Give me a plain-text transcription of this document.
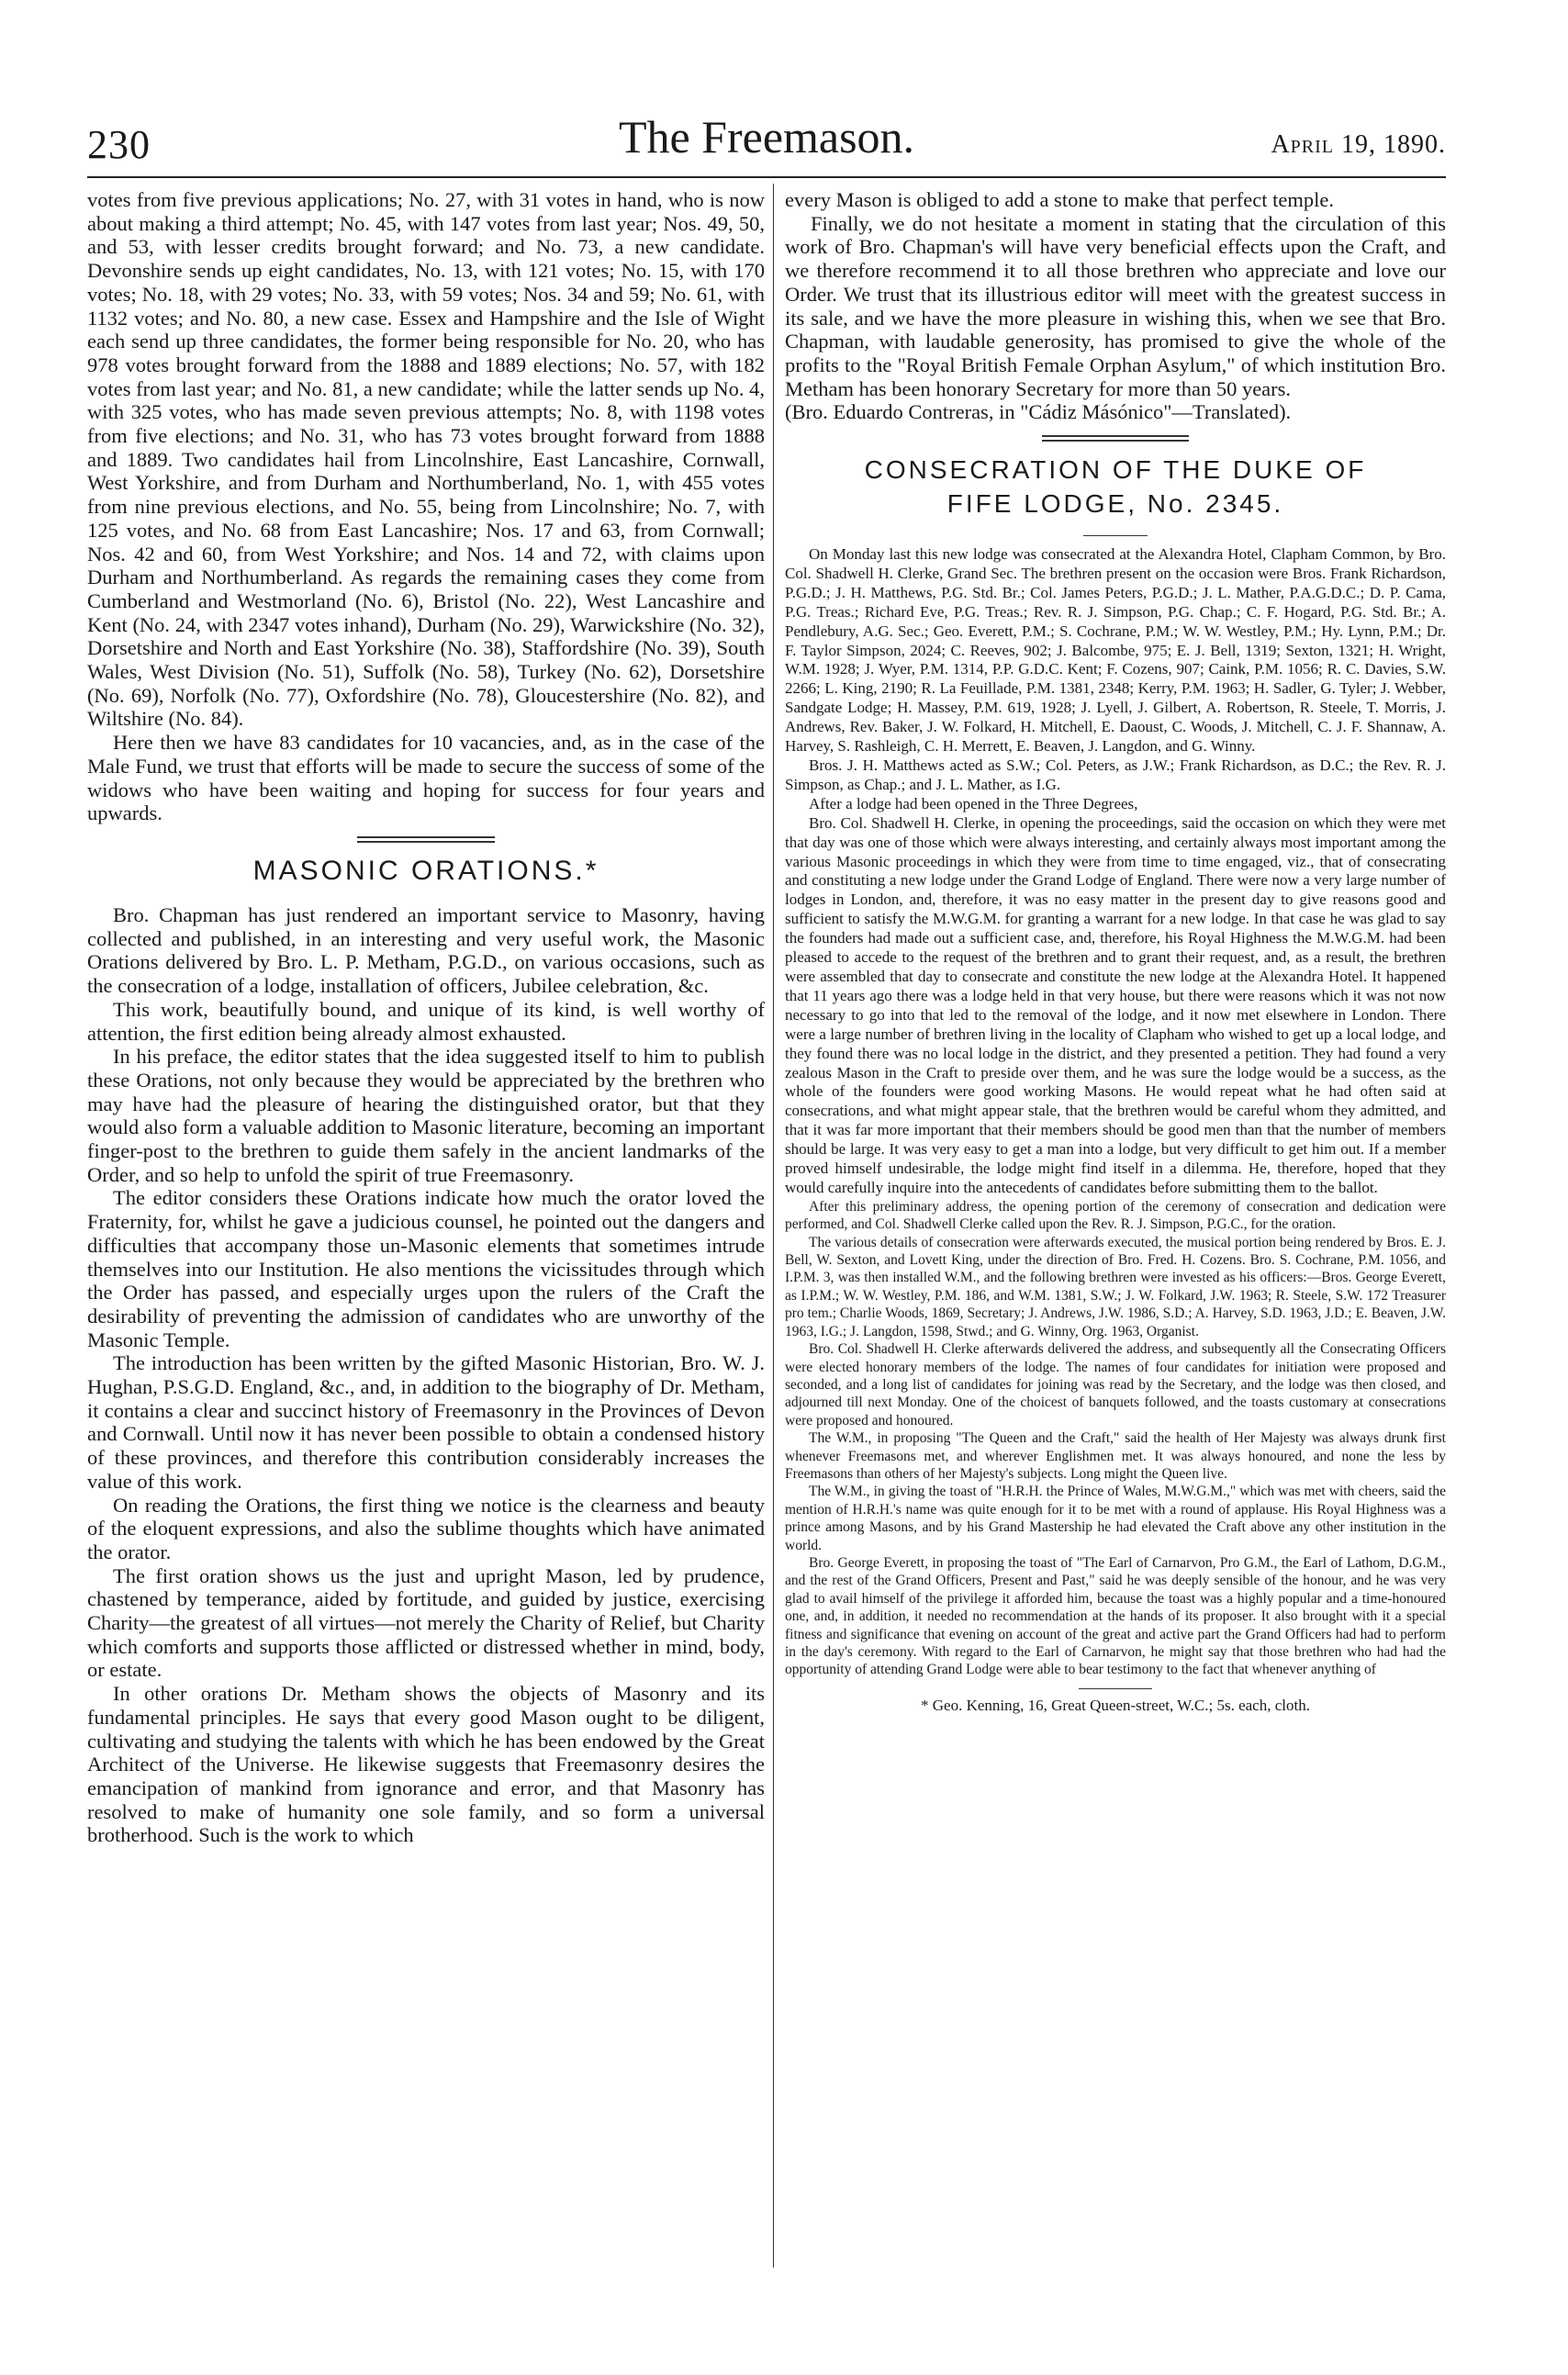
230	The Freemason.	April 19, 1890.

votes from five previous applications; No. 27, with 31 votes in hand, who is now about making a third attempt; No. 45, with 147 votes from last year; Nos. 49, 50, and 53, with lesser credits brought forward; and No. 73, a new candidate. Devonshire sends up eight candidates, No. 13, with 121 votes; No. 15, with 170 votes; No. 18, with 29 votes; No. 33, with 59 votes; Nos. 34 and 59; No. 61, with 1132 votes; and No. 80, a new case. Essex and Hampshire and the Isle of Wight each send up three candidates, the former being responsible for No. 20, who has 978 votes brought forward from the 1888 and 1889 elections; No. 57, with 182 votes from last year; and No. 81, a new candidate; while the latter sends up No. 4, with 325 votes, who has made seven previous attempts; No. 8, with 1198 votes from five elections; and No. 31, who has 73 votes brought forward from 1888 and 1889. Two candidates hail from Lincolnshire, East Lancashire, Cornwall, West Yorkshire, and from Durham and Northumberland, No. 1, with 455 votes from nine previous elections, and No. 55, being from Lincolnshire; No. 7, with 125 votes, and No. 68 from East Lancashire; Nos. 17 and 63, from Cornwall; Nos. 42 and 60, from West Yorkshire; and Nos. 14 and 72, with claims upon Durham and Northumberland. As regards the remaining cases they come from Cumberland and Westmorland (No. 6), Bristol (No. 22), West Lancashire and Kent (No. 24, with 2347 votes inhand), Durham (No. 29), Warwickshire (No. 32), Dorsetshire and North and East Yorkshire (No. 38), Staffordshire (No. 39), South Wales, West Division (No. 51), Suffolk (No. 58), Turkey (No. 62), Dorsetshire (No. 69), Norfolk (No. 77), Oxfordshire (No. 78), Gloucestershire (No. 82), and Wiltshire (No. 84).

Here then we have 83 candidates for 10 vacancies, and, as in the case of the Male Fund, we trust that efforts will be made to secure the success of some of the widows who have been waiting and hoping for success for four years and upwards.

MASONIC ORATIONS.*

Bro. Chapman has just rendered an important service to Masonry, having collected and published, in an interesting and very useful work, the Masonic Orations delivered by Bro. L. P. Metham, P.G.D., on various occasions, such as the consecration of a lodge, installation of officers, Jubilee celebration, &c.

This work, beautifully bound, and unique of its kind, is well worthy of attention, the first edition being already almost exhausted.

In his preface, the editor states that the idea suggested itself to him to publish these Orations, not only because they would be appreciated by the brethren who may have had the pleasure of hearing the distinguished orator, but that they would also form a valuable addition to Masonic literature, becoming an important finger-post to the brethren to guide them safely in the ancient landmarks of the Order, and so help to unfold the spirit of true Freemasonry.

The editor considers these Orations indicate how much the orator loved the Fraternity, for, whilst he gave a judicious counsel, he pointed out the dangers and difficulties that accompany those un-Masonic elements that sometimes intrude themselves into our Institution. He also mentions the vicissitudes through which the Order has passed, and especially urges upon the rulers of the Craft the desirability of preventing the admission of candidates who are unworthy of the Masonic Temple.

The introduction has been written by the gifted Masonic Historian, Bro. W. J. Hughan, P.S.G.D. England, &c., and, in addition to the biography of Dr. Metham, it contains a clear and succinct history of Freemasonry in the Provinces of Devon and Cornwall. Until now it has never been possible to obtain a condensed history of these provinces, and therefore this contribution considerably increases the value of this work.

On reading the Orations, the first thing we notice is the clearness and beauty of the eloquent expressions, and also the sublime thoughts which have animated the orator.

The first oration shows us the just and upright Mason, led by prudence, chastened by temperance, aided by fortitude, and guided by justice, exercising Charity—the greatest of all virtues—not merely the Charity of Relief, but Charity which comforts and supports those afflicted or distressed whether in mind, body, or estate.

In other orations Dr. Metham shows the objects of Masonry and its fundamental principles. He says that every good Mason ought to be diligent, cultivating and studying the talents with which he has been endowed by the Great Architect of the Universe. He likewise suggests that Freemasonry desires the emancipation of mankind from ignorance and error, and that Masonry has resolved to make of humanity one sole family, and so form a universal brotherhood. Such is the work to which

every Mason is obliged to add a stone to make that perfect temple.

Finally, we do not hesitate a moment in stating that the circulation of this work of Bro. Chapman's will have very beneficial effects upon the Craft, and we therefore recommend it to all those brethren who appreciate and love our Order. We trust that its illustrious editor will meet with the greatest success in its sale, and we have the more pleasure in wishing this, when we see that Bro. Chapman, with laudable generosity, has promised to give the whole of the profits to the "Royal British Female Orphan Asylum," of which institution Bro. Metham has been honorary Secretary for more than 50 years.

(Bro. Eduardo Contreras, in "Cádiz Másónico"—Translated).

CONSECRATION OF THE DUKE OF
FIFE LODGE, No. 2345.

On Monday last this new lodge was consecrated at the Alexandra Hotel, Clapham Common, by Bro. Col. Shadwell H. Clerke, Grand Sec. The brethren present on the occasion were Bros. Frank Richardson, P.G.D.; J. H. Matthews, P.G. Std. Br.; Col. James Peters, P.G.D.; J. L. Mather, P.A.G.D.C.; D. P. Cama, P.G. Treas.; Richard Eve, P.G. Treas.; Rev. R. J. Simpson, P.G. Chap.; C. F. Hogard, P.G. Std. Br.; A. Pendlebury, A.G. Sec.; Geo. Everett, P.M.; S. Cochrane, P.M.; W. W. Westley, P.M.; Hy. Lynn, P.M.; Dr. F. Taylor Simpson, 2024; C. Reeves, 902; J. Balcombe, 975; E. J. Bell, 1319; Sexton, 1321; H. Wright, W.M. 1928; J. Wyer, P.M. 1314, P.P. G.D.C. Kent; F. Cozens, 907; Caink, P.M. 1056; R. C. Davies, S.W. 2266; L. King, 2190; R. La Feuillade, P.M. 1381, 2348; Kerry, P.M. 1963; H. Sadler, G. Tyler; J. Webber, Sandgate Lodge; H. Massey, P.M. 619, 1928; J. Lyell, J. Gilbert, A. Robertson, R. Steele, T. Morris, J. Andrews, Rev. Baker, J. W. Folkard, H. Mitchell, E. Daoust, C. Woods, J. Mitchell, C. J. F. Shannaw, A. Harvey, S. Rashleigh, C. H. Merrett, E. Beaven, J. Langdon, and G. Winny.

Bros. J. H. Matthews acted as S.W.; Col. Peters, as J.W.; Frank Richardson, as D.C.; the Rev. R. J. Simpson, as Chap.; and J. L. Mather, as I.G.

After a lodge had been opened in the Three Degrees,

Bro. Col. Shadwell H. Clerke, in opening the proceedings, said the occasion on which they were met that day was one of those which were always interesting, and certainly always most important among the various Masonic proceedings in which they were from time to time engaged, viz., that of consecrating and constituting a new lodge under the Grand Lodge of England. There were now a very large number of lodges in London, and, therefore, it was no easy matter in the present day to give reasons good and sufficient to satisfy the M.W.G.M. for granting a warrant for a new lodge. In that case he was glad to say the founders had made out a sufficient case, and, therefore, his Royal Highness the M.W.G.M. had been pleased to accede to the request of the brethren and to grant their request, and, as a result, the brethren were assembled that day to consecrate and constitute the new lodge at the Alexandra Hotel. It happened that 11 years ago there was a lodge held in that very house, but there were reasons which it was not now necessary to go into that led to the removal of the lodge, and it now met elsewhere in London. There were a large number of brethren living in the locality of Clapham who wished to get up a local lodge, and they found there was no local lodge in the district, and they presented a petition. They had found a very zealous Mason in the Craft to preside over them, and he was sure the lodge would be a success, as the whole of the founders were good working Masons. He would repeat what he had often said at consecrations, and what might appear stale, that the brethren would be careful whom they admitted, and that it was far more important that their members should be good men than that the number of members should be large. It was very easy to get a man into a lodge, but very difficult to get him out. If a member proved himself undesirable, the lodge might find itself in a dilemma. He, therefore, hoped that they would carefully inquire into the antecedents of candidates before submitting them to the ballot.

After this preliminary address, the opening portion of the ceremony of consecration and dedication were performed, and Col. Shadwell Clerke called upon the Rev. R. J. Simpson, P.G.C., for the oration.

The various details of consecration were afterwards executed, the musical portion being rendered by Bros. E. J. Bell, W. Sexton, and Lovett King, under the direction of Bro. Fred. H. Cozens. Bro. S. Cochrane, P.M. 1056, and I.P.M. 3, was then installed W.M., and the following brethren were invested as his officers:—Bros. George Everett, as I.P.M.; W. W. Westley, P.M. 186, and W.M. 1381, S.W.; J. W. Folkard, J.W. 1963; R. Steele, S.W. 172 Treasurer pro tem.; Charlie Woods, 1869, Secretary; J. Andrews, J.W. 1986, S.D.; A. Harvey, S.D. 1963, J.D.; E. Beaven, J.W. 1963, I.G.; J. Langdon, 1598, Stwd.; and G. Winny, Org. 1963, Organist.

Bro. Col. Shadwell H. Clerke afterwards delivered the address, and subsequently all the Consecrating Officers were elected honorary members of the lodge. The names of four candidates for initiation were proposed and seconded, and a long list of candidates for joining was read by the Secretary, and the lodge was then closed, and adjourned till next Monday. One of the choicest of banquets followed, and the toasts customary at consecrations were proposed and honoured.

The W.M., in proposing "The Queen and the Craft," said the health of Her Majesty was always drunk first whenever Freemasons met, and wherever Englishmen met. It was always honoured, and none the less by Freemasons than others of her Majesty's subjects. Long might the Queen live.

The W.M., in giving the toast of "H.R.H. the Prince of Wales, M.W.G.M.," which was met with cheers, said the mention of H.R.H.'s name was quite enough for it to be met with a round of applause. His Royal Highness was a prince among Masons, and by his Grand Mastership he had elevated the Craft above any other institution in the world.

Bro. George Everett, in proposing the toast of "The Earl of Carnarvon, Pro G.M., the Earl of Lathom, D.G.M., and the rest of the Grand Officers, Present and Past," said he was deeply sensible of the honour, and he was very glad to avail himself of the privilege it afforded him, because the toast was a highly popular and a time-honoured one, and, in addition, it needed no recommendation at the hands of its proposer. It also brought with it a special fitness and significance that evening on account of the great and active part the Grand Officers had had to perform in the day's ceremony. With regard to the Earl of Carnarvon, he might say that those brethren who had had the opportunity of attending Grand Lodge were able to bear testimony to the fact that whenever anything of

* Geo. Kenning, 16, Great Queen-street, W.C.; 5s. each, cloth.
